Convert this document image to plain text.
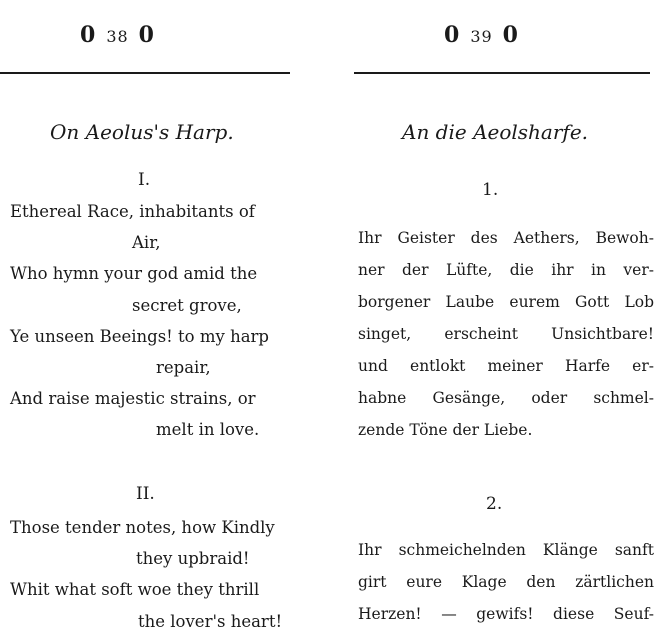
0 38 0
On Aeolus's Harp.
I.
Ethereal Race, inhabitants of
Air,
Who hymn your god amid the
secret grove,
Ye unseen Beeings! to my harp
repair,
And raise majestic strains, or
melt in love.
II.
Those tender notes, how Kindly
they upbraid!
Whit what soft woe they thrill
the lover's heart!
0 39 0
An die Aeolsharfe.
1.
Ihr Geister des Aethers, Bewoh-
ner der Lüfte, die ihr in ver-
borgener Laube eurem Gott Lob
singet, erscheint Unsichtbare!
und entlokt meiner Harfe er-
habne Gesänge, oder schmel-
zende Töne der Liebe.
2.
Ihr schmeichelnden Klänge sanft
girt eure Klage den zärtlichen
Herzen! — gewifs! diese Seuf-
